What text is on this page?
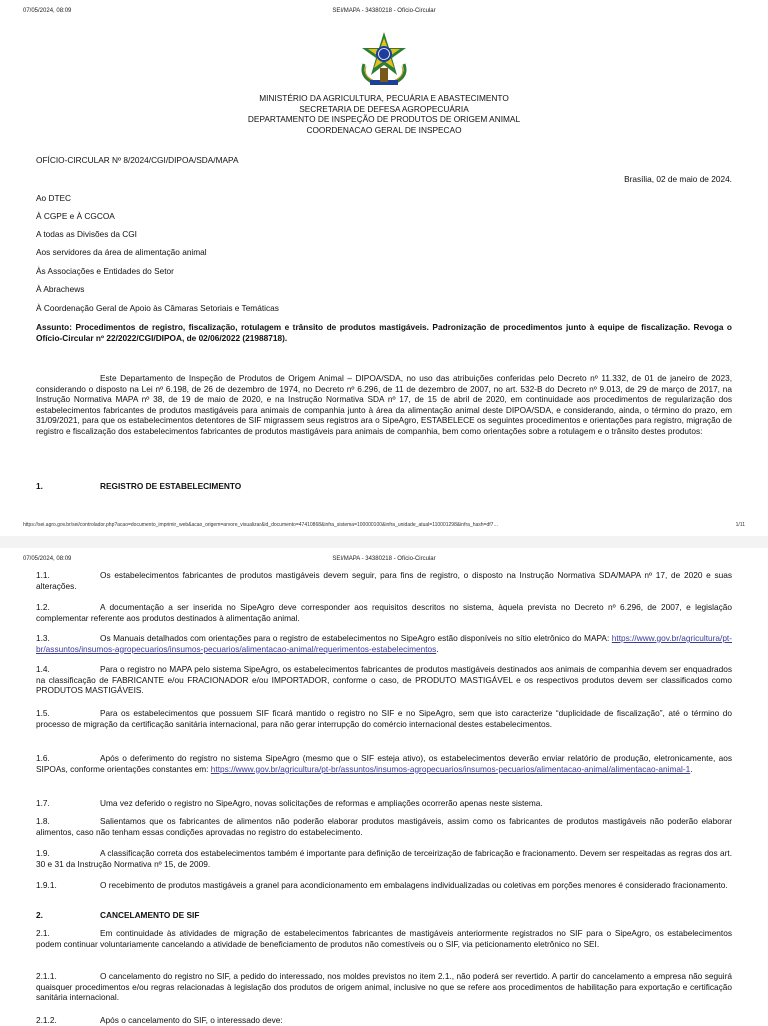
07/05/2024, 08:09	SEI/MAPA - 34380218 - Ofício-Circular
MINISTÉRIO DA AGRICULTURA, PECUÁRIA E ABASTECIMENTO
SECRETARIA DE DEFESA AGROPECUÁRIA
DEPARTAMENTO DE INSPEÇÃO DE PRODUTOS DE ORIGEM ANIMAL
COORDENACAO GERAL DE INSPECAO
OFÍCIO-CIRCULAR Nº 8/2024/CGI/DIPOA/SDA/MAPA
Brasília, 02 de maio de 2024.
Ao DTEC
À CGPE e À CGCOA
A todas as Divisões da CGI
Aos servidores da área de alimentação animal
Às Associações e Entidades do Setor
À Abrachews
À Coordenação Geral de Apoio às Câmaras Setoriais e Temáticas
Assunto: Procedimentos de registro, fiscalização, rotulagem e trânsito de produtos mastigáveis. Padronização de procedimentos junto à equipe de fiscalização. Revoga o Ofício-Circular nº 22/2022/CGI/DIPOA, de 02/06/2022 (21988718).
Este Departamento de Inspeção de Produtos de Origem Animal – DIPOA/SDA, no uso das atribuições conferidas pelo Decreto nº 11.332, de 01 de janeiro de 2023, considerando o disposto na Lei nº 6.198, de 26 de dezembro de 1974, no Decreto nº 6.296, de 11 de dezembro de 2007, no art. 532-B do Decreto nº 9.013, de 29 de março de 2017, na Instrução Normativa MAPA nº 38, de 19 de maio de 2020, e na Instrução Normativa SDA nº 17, de 15 de abril de 2020, em continuidade aos procedimentos de regularização dos estabelecimentos fabricantes de produtos mastigáveis para animais de companhia junto à área da alimentação animal deste DIPOA/SDA, e considerando, ainda, o término do prazo, em 31/09/2021, para que os estabelecimentos detentores de SIF migrassem seus registros ara o SipeAgro, ESTABELECE os seguintes procedimentos e orientações para registro, migração de registro e fiscalização dos estabelecimentos fabricantes de produtos mastigáveis para animais de companhia, bem como orientações sobre a rotulagem e o trânsito destes produtos:
1.	REGISTRO DE ESTABELECIMENTO
https://sei.agro.gov.br/sei/controlador.php?acao=documento_imprimir_web&acao_origem=arvore_visualizar&id_documento=47410868&infra_sistema=100000100&infra_unidade_atual=110001298&infra_hash=df7…	1/11
07/05/2024, 08:09	SEI/MAPA - 34380218 - Ofício-Circular
1.1.	Os estabelecimentos fabricantes de produtos mastigáveis devem seguir, para fins de registro, o disposto na Instrução Normativa SDA/MAPA nº 17, de 2020 e suas alterações.
1.2.	A documentação a ser inserida no SipeAgro deve corresponder aos requisitos descritos no sistema, àquela prevista no Decreto nº 6.296, de 2007, e legislação complementar referente aos produtos destinados à alimentação animal.
1.3.	Os Manuais detalhados com orientações para o registro de estabelecimentos no SipeAgro estão disponíveis no sítio eletrônico do MAPA: https://www.gov.br/agricultura/pt-br/assuntos/insumos-agropecuarios/insumos-pecuarios/alimentacao-animal/requerimentos-estabelecimentos.
1.4.	Para o registro no MAPA pelo sistema SipeAgro, os estabelecimentos fabricantes de produtos mastigáveis destinados aos animais de companhia devem ser enquadrados na classificação de FABRICANTE e/ou FRACIONADOR e/ou IMPORTADOR, conforme o caso, de PRODUTO MASTIGÁVEL e os respectivos produtos devem ser classificados como PRODUTOS MASTIGÁVEIS.
1.5.	Para os estabelecimentos que possuem SIF ficará mantido o registro no SIF e no SipeAgro, sem que isto caracterize “duplicidade de fiscalização”, até o término do processo de migração da certificação sanitária internacional, para não gerar interrupção do comércio internacional destes estabelecimentos.
1.6.	Após o deferimento do registro no sistema SipeAgro (mesmo que o SIF esteja ativo), os estabelecimentos deverão enviar relatório de produção, eletronicamente, aos SIPOAs, conforme orientações constantes em: https://www.gov.br/agricultura/pt-br/assuntos/insumos-agropecuarios/insumos-pecuarios/alimentacao-animal/alimentacao-animal-1.
1.7.	Uma vez deferido o registro no SipeAgro, novas solicitações de reformas e ampliações ocorrerão apenas neste sistema.
1.8.	Salientamos que os fabricantes de alimentos não poderão elaborar produtos mastigáveis, assim como os fabricantes de produtos mastigáveis não poderão elaborar alimentos, caso não tenham essas condições aprovadas no registro do estabelecimento.
1.9.	A classificação correta dos estabelecimentos também é importante para definição de terceirização de fabricação e fracionamento. Devem ser respeitadas as regras dos art. 30 e 31 da Instrução Normativa nº 15, de 2009.
1.9.1.	O recebimento de produtos mastigáveis a granel para acondicionamento em embalagens individualizadas ou coletivas em porções menores é considerado fracionamento.
2.	CANCELAMENTO DE SIF
2.1.	Em continuidade às atividades de migração de estabelecimentos fabricantes de mastigáveis anteriormente registrados no SIF para o SipeAgro, os estabelecimentos podem continuar voluntariamente cancelando a atividade de beneficiamento de produtos não comestíveis ou o SIF, via peticionamento eletrônico no SEI.
2.1.1.	O cancelamento do registro no SIF, a pedido do interessado, nos moldes previstos no item 2.1., não poderá ser revertido. A partir do cancelamento a empresa não seguirá quaisquer procedimentos e/ou regras relacionadas à legislação dos produtos de origem animal, inclusive no que se refere aos procedimentos de habilitação para exportação e certificação sanitária internacional.
2.1.2.	Após o cancelamento do SIF, o interessado deve:
